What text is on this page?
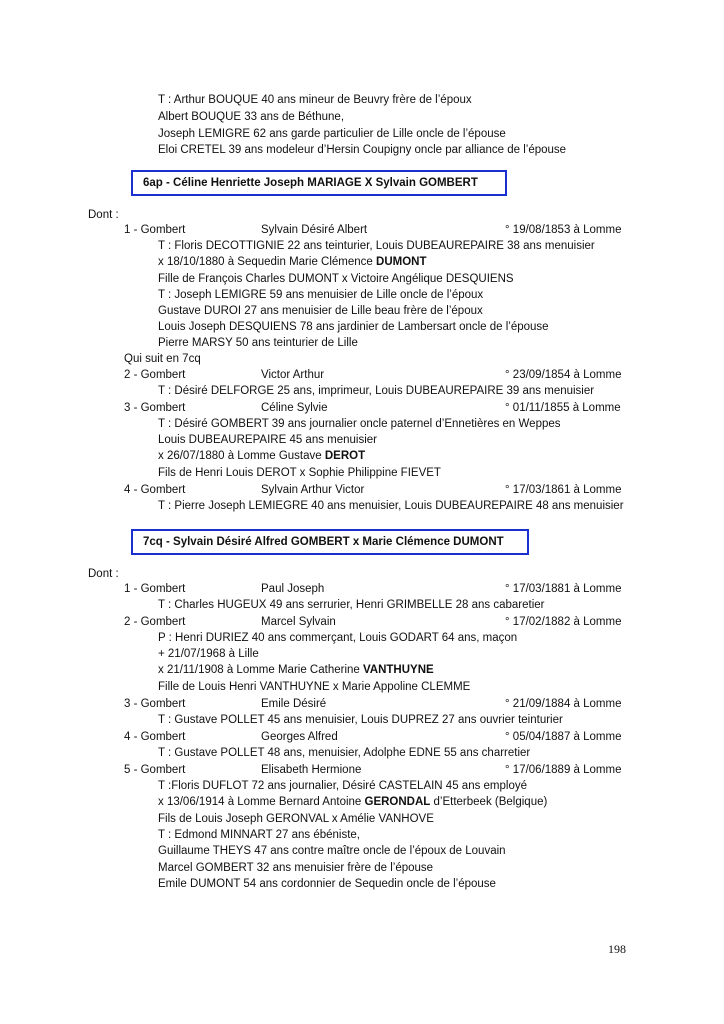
T : Arthur BOUQUE 40 ans mineur de Beuvry frère de l’époux
Albert BOUQUE 33 ans de Béthune,
Joseph LEMIGRE 62 ans garde particulier de Lille oncle de l’épouse
Eloi CRETEL 39 ans modeleur d’Hersin Coupigny oncle par alliance de l’épouse
6ap - Céline Henriette Joseph MARIAGE X Sylvain GOMBERT
Dont :
1 - Gombert	Sylvain Désiré Albert	° 19/08/1853 à Lomme
T : Floris DECOTTIGNIE 22 ans teinturier, Louis DUBEAUREPAIRE 38 ans menuisier
x 18/10/1880 à Sequedin Marie Clémence DUMONT
Fille de François Charles DUMONT x Victoire Angélique DESQUIENS
T : Joseph LEMIGRE 59 ans menuisier de Lille oncle de l’époux
Gustave DUROI 27 ans menuisier de Lille beau frère de l’époux
Louis Joseph DESQUIENS 78 ans jardinier de Lambersart oncle de l’épouse
Pierre MARSY 50 ans teinturier de Lille
Qui suit en 7cq
2 - Gombert	Victor Arthur	° 23/09/1854 à Lomme
T : Désiré DELFORGE 25 ans, imprimeur, Louis DUBEAUREPAIRE 39 ans menuisier
3 - Gombert	Céline Sylvie	° 01/11/1855 à Lomme
T : Désiré GOMBERT 39 ans journalier oncle paternel d’Ennetières en Weppes
Louis DUBEAUREPAIRE 45 ans menuisier
x 26/07/1880 à Lomme Gustave DEROT
Fils de Henri Louis DEROT x Sophie Philippine FIEVET
4 - Gombert	Sylvain Arthur Victor	° 17/03/1861 à Lomme
T : Pierre Joseph LEMIEGRE 40 ans menuisier, Louis DUBEAUREPAIRE 48 ans menuisier
7cq - Sylvain Désiré Alfred GOMBERT x Marie Clémence DUMONT
Dont :
1 - Gombert	Paul Joseph	° 17/03/1881 à Lomme
T : Charles HUGEUX 49 ans serrurier, Henri GRIMBELLE 28 ans cabaretier
2 - Gombert	Marcel Sylvain	° 17/02/1882 à Lomme
P : Henri DURIEZ 40 ans commerçant, Louis GODART 64 ans, maçon
+ 21/07/1968 à Lille
x 21/11/1908 à Lomme Marie Catherine VANTHUYNE
Fille de Louis Henri VANTHUYNE x Marie Appoline CLEMME
3 - Gombert	Emile Désiré	° 21/09/1884 à Lomme
T : Gustave POLLET 45 ans menuisier, Louis DUPREZ 27 ans ouvrier teinturier
4 - Gombert	Georges Alfred	° 05/04/1887 à Lomme
T : Gustave POLLET 48 ans, menuisier, Adolphe EDNE 55 ans charretier
5 - Gombert	Elisabeth Hermione	° 17/06/1889 à Lomme
T :Floris DUFLOT 72 ans journalier, Désiré CASTELAIN 45 ans employé
x 13/06/1914 à Lomme Bernard Antoine GERONDAL d’Etterbeek (Belgique)
Fils de Louis Joseph GERONVAL x Amélie VANHOVE
T : Edmond MINNART 27 ans ébéniste,
Guillaume THEYS 47 ans contre maître oncle de l’époux de Louvain
Marcel GOMBERT 32 ans menuisier frère de l’épouse
Emile DUMONT 54 ans cordonnier de Sequedin oncle de l’épouse
198
